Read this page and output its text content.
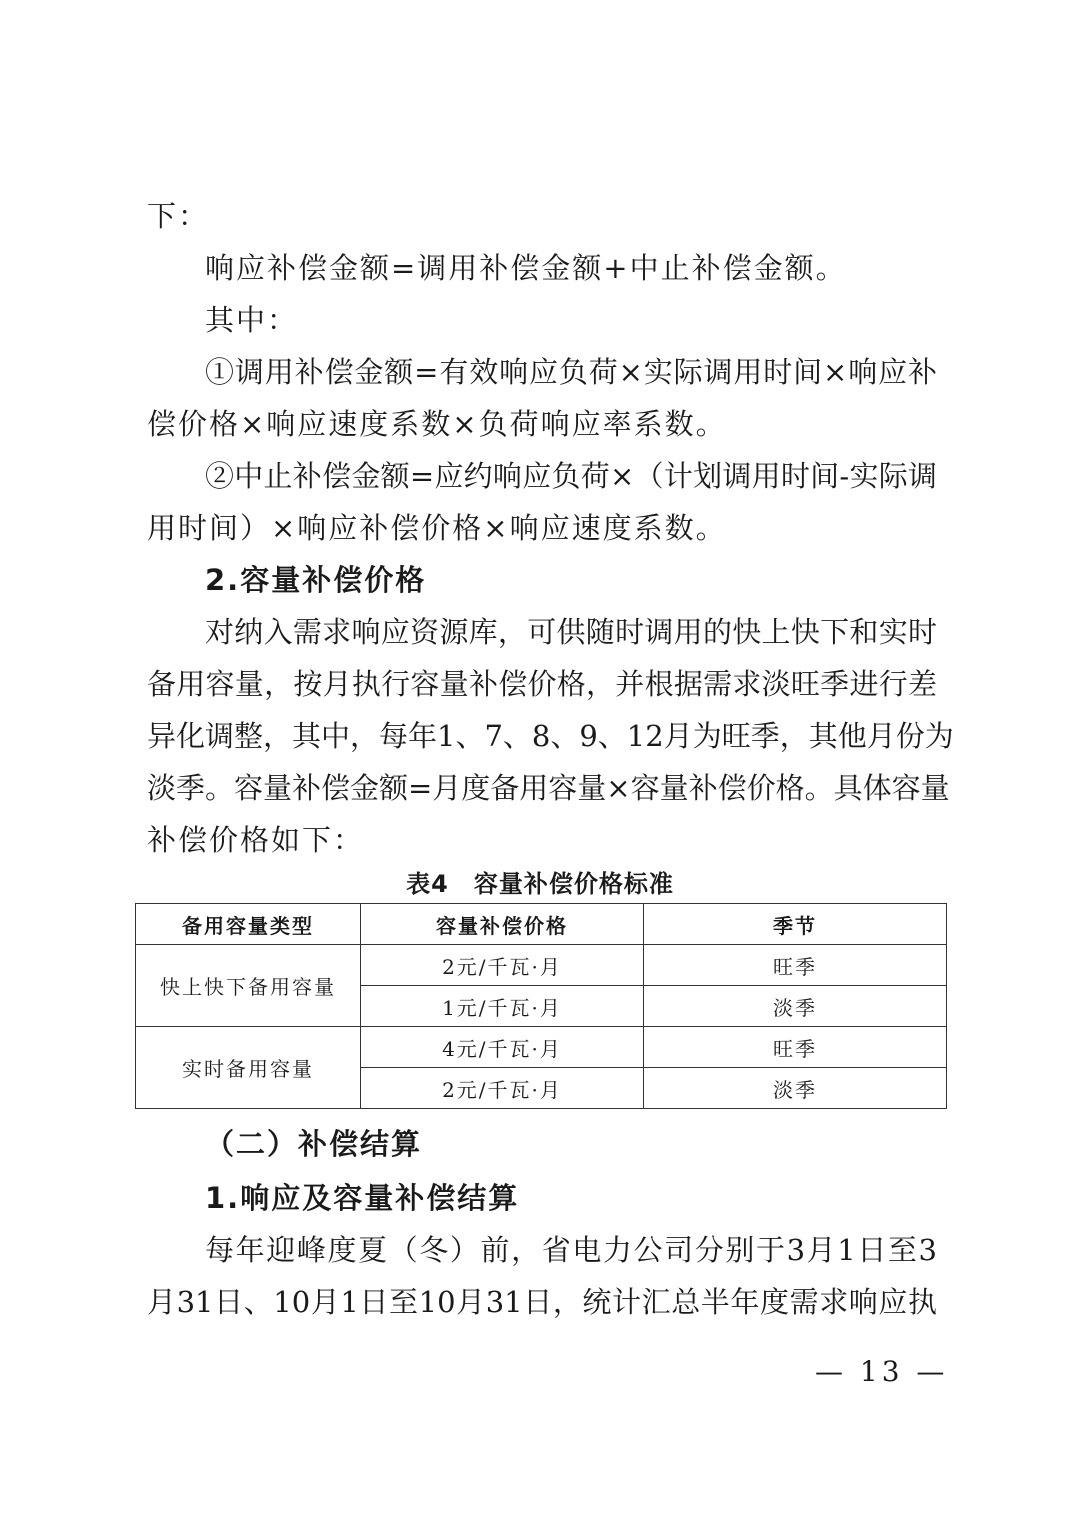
下：
响应补偿金额=调用补偿金额+中止补偿金额。
其中：
①调用补偿金额=有效响应负荷×实际调用时间×响应补
偿价格×响应速度系数×负荷响应率系数。
②中止补偿金额=应约响应负荷×（计划调用时间-实际调
用时间）×响应补偿价格×响应速度系数。
2.容量补偿价格
对纳入需求响应资源库，可供随时调用的快上快下和实时
备用容量，按月执行容量补偿价格，并根据需求淡旺季进行差
异化调整，其中，每年1、7、8、9、12月为旺季，其他月份为
淡季。容量补偿金额=月度备用容量×容量补偿价格。具体容量
补偿价格如下：
表4　容量补偿价格标准
备用容量类型	容量补偿价格	季节
快上快下备用容量	2元/千瓦·月	旺季
	1元/千瓦·月	淡季
实时备用容量	4元/千瓦·月	旺季
	2元/千瓦·月	淡季
（二）补偿结算
1.响应及容量补偿结算
每年迎峰度夏（冬）前，省电力公司分别于3月1日至3
月31日、10月1日至10月31日，统计汇总半年度需求响应执
— 13 —
